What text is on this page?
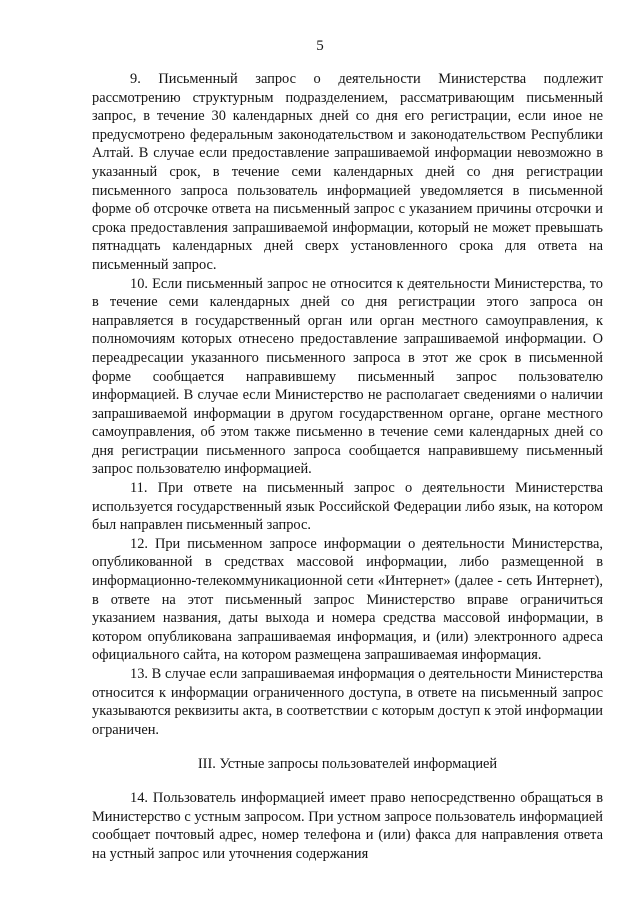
5

9. Письменный запрос о деятельности Министерства подлежит рассмотрению структурным подразделением, рассматривающим письменный запрос, в течение 30 календарных дней со дня его регистрации, если иное не предусмотрено федеральным законодательством и законодательством Республики Алтай. В случае если предоставление запрашиваемой информации невозможно в указанный срок, в течение семи календарных дней со дня регистрации письменного запроса пользователь информацией уведомляется в письменной форме об отсрочке ответа на письменный запрос с указанием причины отсрочки и срока предоставления запрашиваемой информации, который не может превышать пятнадцать календарных дней сверх установленного срока для ответа на письменный запрос.

10. Если письменный запрос не относится к деятельности Министерства, то в течение семи календарных дней со дня регистрации этого запроса он направляется в государственный орган или орган местного самоуправления, к полномочиям которых отнесено предоставление запрашиваемой информации. О переадресации указанного письменного запроса в этот же срок в письменной форме сообщается направившему письменный запрос пользователю информацией. В случае если Министерство не располагает сведениями о наличии запрашиваемой информации в другом государственном органе, органе местного самоуправления, об этом также письменно в течение семи календарных дней со дня регистрации письменного запроса сообщается направившему письменный запрос пользователю информацией.

11. При ответе на письменный запрос о деятельности Министерства используется государственный язык Российской Федерации либо язык, на котором был направлен письменный запрос.

12. При письменном запросе информации о деятельности Министерства, опубликованной в средствах массовой информации, либо размещенной в информационно-телекоммуникационной сети «Интернет» (далее - сеть Интернет), в ответе на этот письменный запрос Министерство вправе ограничиться указанием названия, даты выхода и номера средства массовой информации, в котором опубликована запрашиваемая информация, и (или) электронного адреса официального сайта, на котором размещена запрашиваемая информация.

13. В случае если запрашиваемая информация о деятельности Министерства относится к информации ограниченного доступа, в ответе на письменный запрос указываются реквизиты акта, в соответствии с которым доступ к этой информации ограничен.

III. Устные запросы пользователей информацией

14. Пользователь информацией имеет право непосредственно обращаться в Министерство с устным запросом. При устном запросе пользователь информацией сообщает почтовый адрес, номер телефона и (или) факса для направления ответа на устный запрос или уточнения содержания
